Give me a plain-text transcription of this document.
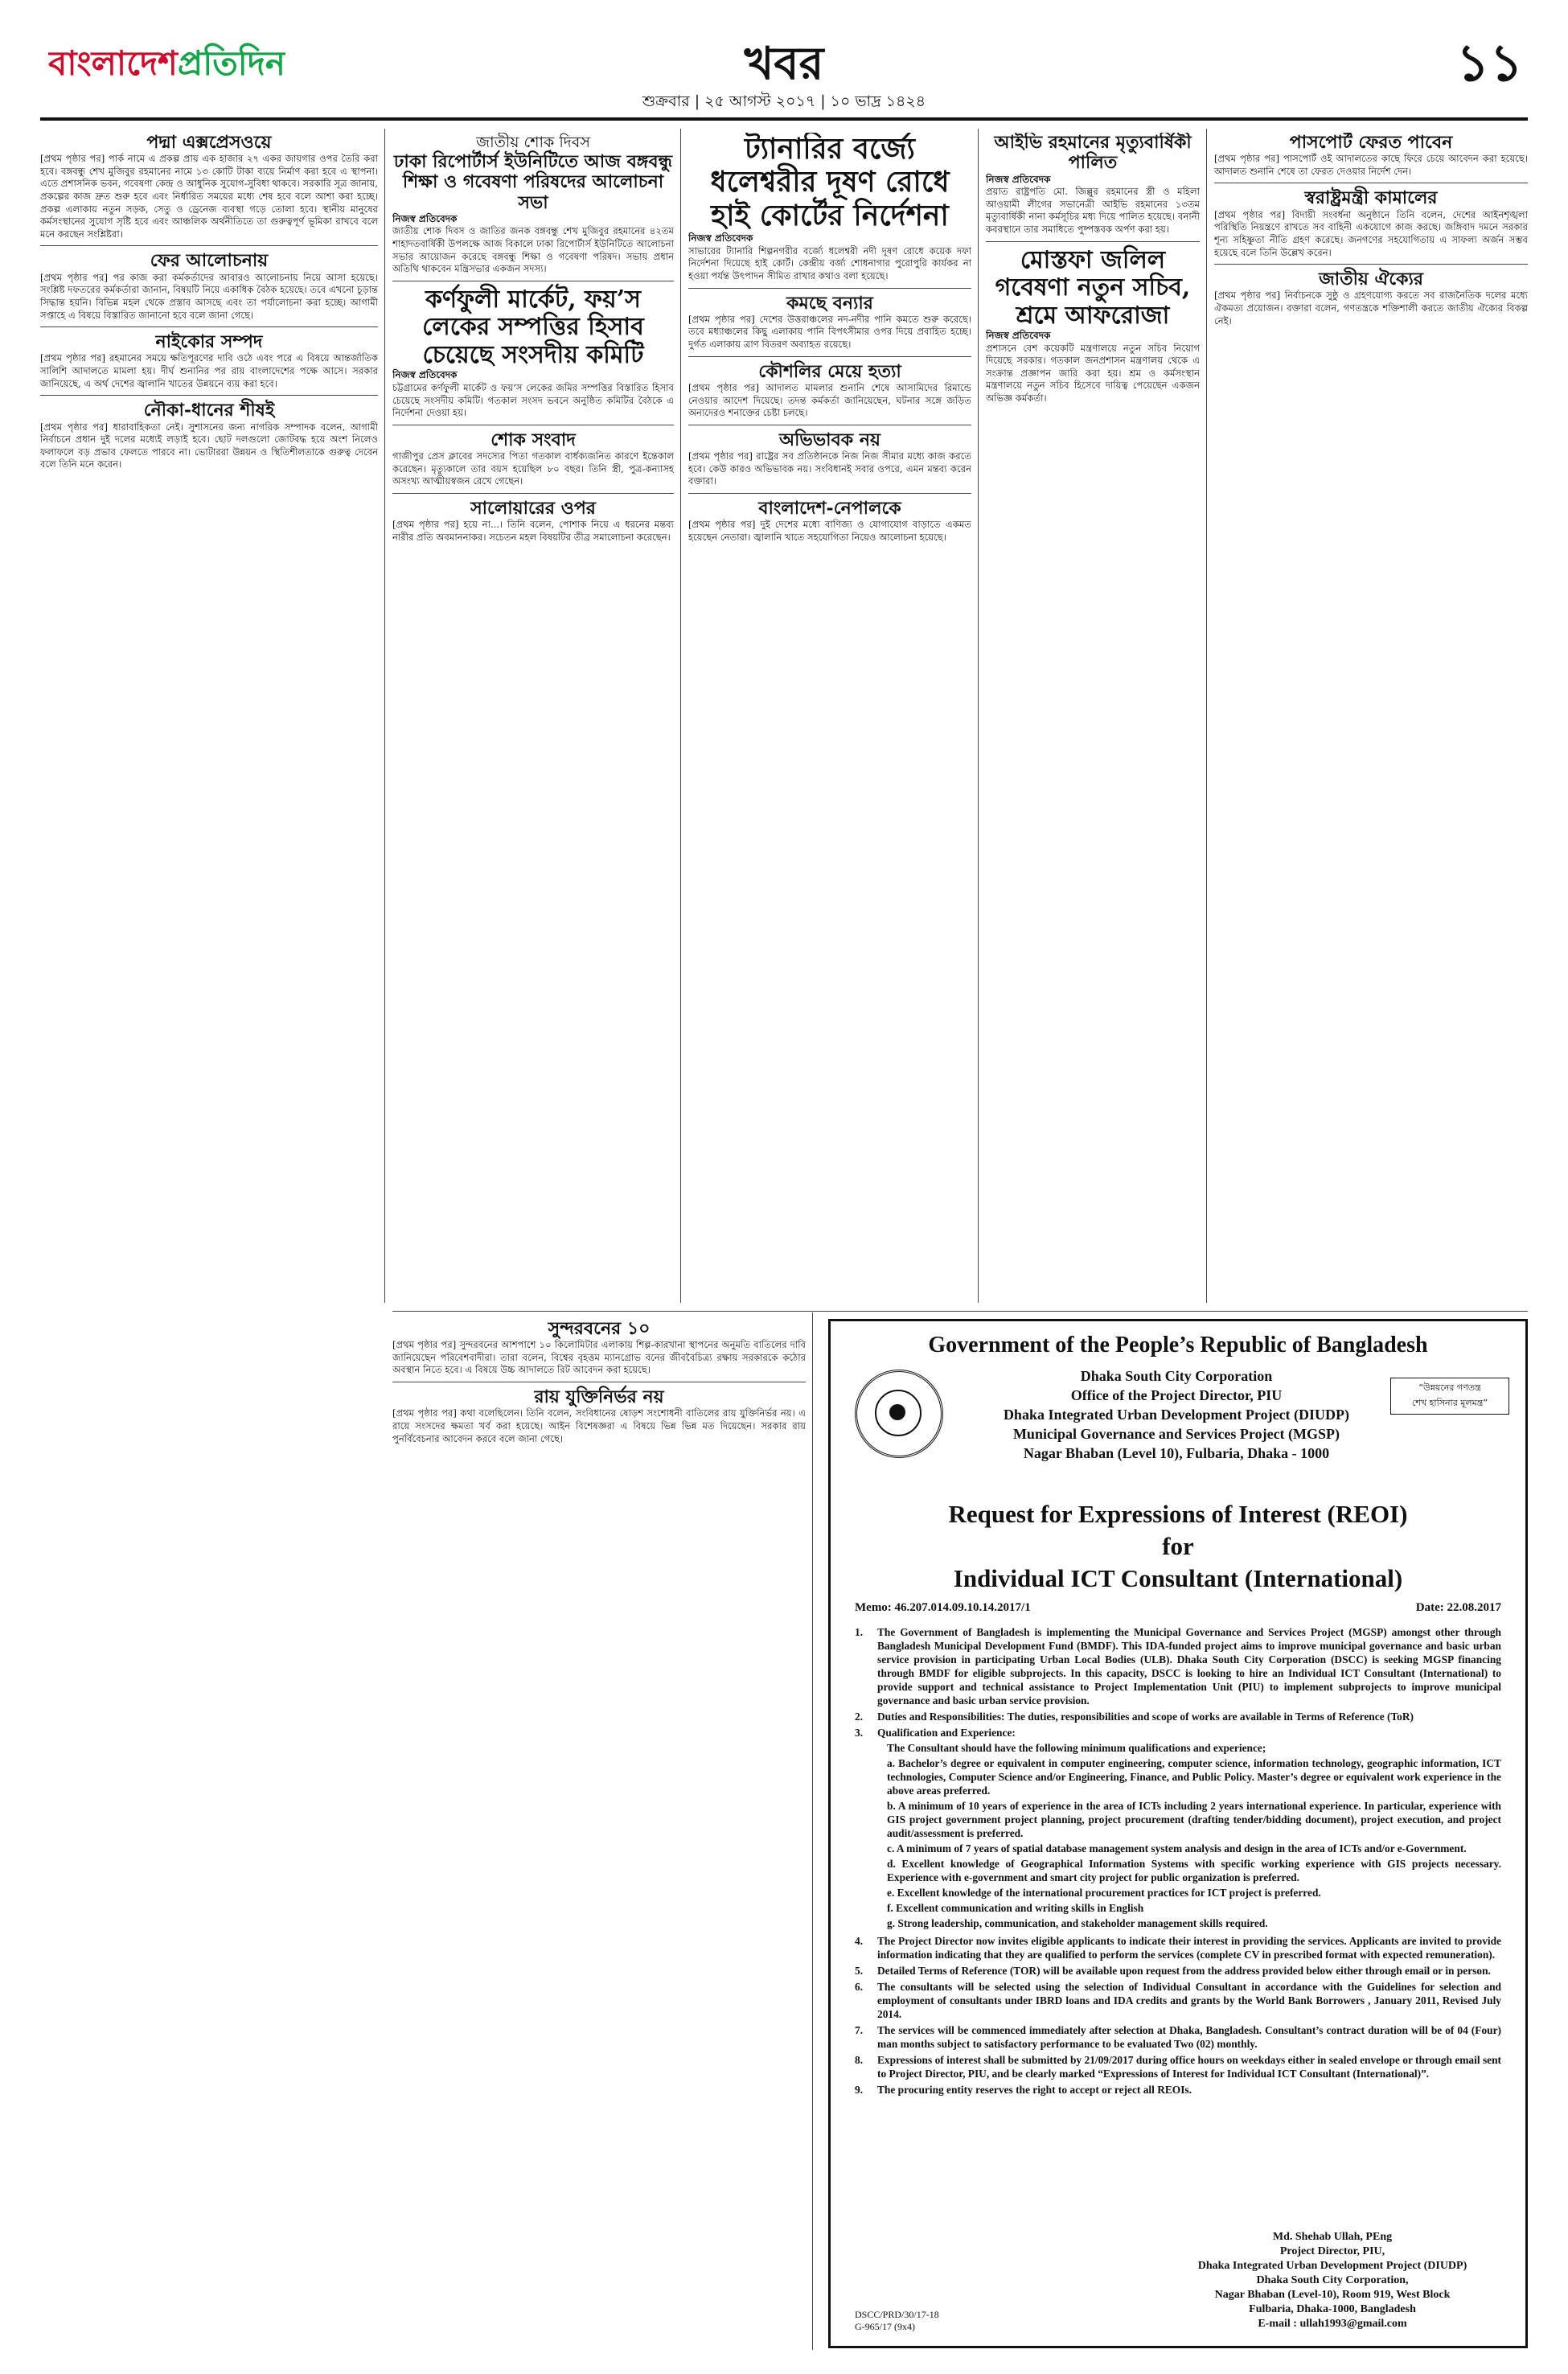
বাংলাদেশপ্রতিদিন	খবর	১১
শুক্রবার | ২৫ আগস্ট ২০১৭ | ১০ ভাদ্র ১৪২৪
পদ্মা এক্সপ্রেসওয়ে

[প্রথম পৃষ্ঠার পর] পার্ক নামে এ প্রকল্প প্রায় এক হাজার ২৭ একর জায়গার ওপর তৈরি করা হবে। বঙ্গবন্ধু শেখ মুজিবুর রহমানের নামে ১৩ কোটি টাকা ব্যয়ে নির্মাণ করা হবে এ স্থাপনা। এতে প্রশাসনিক ভবন, গবেষণা কেন্দ্র ও আধুনিক সুযোগ-সুবিধা থাকবে। সরকারি সূত্র জানায়, প্রকল্পের কাজ দ্রুত শুরু হবে এবং নির্ধারিত সময়ের মধ্যে শেষ হবে বলে আশা করা হচ্ছে। প্রকল্প এলাকায় নতুন সড়ক, সেতু ও ড্রেনেজ ব্যবস্থা গড়ে তোলা হবে। স্থানীয় মানুষের কর্মসংস্থানের সুযোগ সৃষ্টি হবে এবং আঞ্চলিক অর্থনীতিতে তা গুরুত্বপূর্ণ ভূমিকা রাখবে বলে মনে করছেন সংশ্লিষ্টরা।

ফের আলোচনায়

[প্রথম পৃষ্ঠার পর] পর কাজ করা কর্মকর্তাদের আবারও আলোচনায় নিয়ে আসা হয়েছে। সংশ্লিষ্ট দফতরের কর্মকর্তারা জানান, বিষয়টি নিয়ে একাধিক বৈঠক হয়েছে। তবে এখনো চূড়ান্ত সিদ্ধান্ত হয়নি। বিভিন্ন মহল থেকে প্রস্তাব আসছে এবং তা পর্যালোচনা করা হচ্ছে। আগামী সপ্তাহে এ বিষয়ে বিস্তারিত জানানো হবে বলে জানা গেছে।

নাইকোর সম্পদ

[প্রথম পৃষ্ঠার পর] রহমানের সময়ে ক্ষতিপূরণের দাবি ওঠে এবং পরে এ বিষয়ে আন্তর্জাতিক সালিশি আদালতে মামলা হয়। দীর্ঘ শুনানির পর রায় বাংলাদেশের পক্ষে আসে। সরকার জানিয়েছে, এ অর্থ দেশের জ্বালানি খাতের উন্নয়নে ব্যয় করা হবে।

নৌকা-ধানের শীষই

[প্রথম পৃষ্ঠার পর] ধারাবাহিকতা নেই। সুশাসনের জন্য নাগরিক সম্পাদক বলেন, আগামী নির্বাচনে প্রধান দুই দলের মধ্যেই লড়াই হবে। ছোট দলগুলো জোটবদ্ধ হয়ে অংশ নিলেও ফলাফলে বড় প্রভাব ফেলতে পারবে না। ভোটাররা উন্নয়ন ও স্থিতিশীলতাকে গুরুত্ব দেবেন বলে তিনি মনে করেন।

জাতীয় শোক দিবস
ঢাকা রিপোর্টার্স ইউনিটিতে আজ বঙ্গবন্ধু শিক্ষা ও গবেষণা পরিষদের আলোচনা সভা
নিজস্ব প্রতিবেদক

জাতীয় শোক দিবস ও জাতির জনক বঙ্গবন্ধু শেখ মুজিবুর রহমানের ৪২তম শাহাদতবার্ষিকী উপলক্ষে আজ বিকালে ঢাকা রিপোর্টার্স ইউনিটিতে আলোচনা সভার আয়োজন করেছে বঙ্গবন্ধু শিক্ষা ও গবেষণা পরিষদ। সভায় প্রধান অতিথি থাকবেন মন্ত্রিসভার একজন সদস্য।

কর্ণফুলী মার্কেট, ফয়’স লেকের সম্পত্তির হিসাব চেয়েছে সংসদীয় কমিটি
নিজস্ব প্রতিবেদক

চট্টগ্রামের কর্ণফুলী মার্কেট ও ফয়’স লেকের জমির সম্পত্তির বিস্তারিত হিসাব চেয়েছে সংসদীয় কমিটি। গতকাল সংসদ ভবনে অনুষ্ঠিত কমিটির বৈঠকে এ নির্দেশনা দেওয়া হয়।

শোক সংবাদ

গাজীপুর প্রেস ক্লাবের সদস্যের পিতা গতকাল বার্ধক্যজনিত কারণে ইন্তেকাল করেছেন। মৃত্যুকালে তার বয়স হয়েছিল ৮০ বছর। তিনি স্ত্রী, পুত্র-কন্যাসহ অসংখ্য আত্মীয়স্বজন রেখে গেছেন।

সালোয়ারের ওপর

[প্রথম পৃষ্ঠার পর] হয়ে না...। তিনি বলেন, পোশাক নিয়ে এ ধরনের মন্তব্য নারীর প্রতি অবমাননাকর। সচেতন মহল বিষয়টির তীব্র সমালোচনা করেছেন।

ট্যানারির বর্জ্যে ধলেশ্বরীর দূষণ রোধে হাই কোর্টের নির্দেশনা
নিজস্ব প্রতিবেদক

সাভারের ট্যানারি শিল্পনগরীর বর্জ্যে ধলেশ্বরী নদী দূষণ রোধে কয়েক দফা নির্দেশনা দিয়েছে হাই কোর্ট। কেন্দ্রীয় বর্জ্য শোধনাগার পুরোপুরি কার্যকর না হওয়া পর্যন্ত উৎপাদন সীমিত রাখার কথাও বলা হয়েছে।

কমছে বন্যার

[প্রথম পৃষ্ঠার পর] দেশের উত্তরাঞ্চলের নদ-নদীর পানি কমতে শুরু করেছে। তবে মধ্যাঞ্চলের কিছু এলাকায় পানি বিপৎসীমার ওপর দিয়ে প্রবাহিত হচ্ছে। দুর্গত এলাকায় ত্রাণ বিতরণ অব্যাহত রয়েছে।

কৌশলির মেয়ে হত্যা

[প্রথম পৃষ্ঠার পর] আদালত মামলার শুনানি শেষে আসামিদের রিমান্ডে নেওয়ার আদেশ দিয়েছে। তদন্ত কর্মকর্তা জানিয়েছেন, ঘটনার সঙ্গে জড়িত অন্যদেরও শনাক্তের চেষ্টা চলছে।

অভিভাবক নয়

[প্রথম পৃষ্ঠার পর] রাষ্ট্রের সব প্রতিষ্ঠানকে নিজ নিজ সীমার মধ্যে কাজ করতে হবে। কেউ কারও অভিভাবক নয়। সংবিধানই সবার ওপরে, এমন মন্তব্য করেন বক্তারা।

বাংলাদেশ-নেপালকে

[প্রথম পৃষ্ঠার পর] দুই দেশের মধ্যে বাণিজ্য ও যোগাযোগ বাড়াতে একমত হয়েছেন নেতারা। জ্বালানি খাতে সহযোগিতা নিয়েও আলোচনা হয়েছে।

আইভি রহমানের মৃত্যুবার্ষিকী পালিত
নিজস্ব প্রতিবেদক

প্রয়াত রাষ্ট্রপতি মো. জিল্লুর রহমানের স্ত্রী ও মহিলা আওয়ামী লীগের সভানেত্রী আইভি রহমানের ১৩তম মৃত্যুবার্ষিকী নানা কর্মসূচির মধ্য দিয়ে পালিত হয়েছে। বনানী কবরস্থানে তার সমাধিতে পুষ্পস্তবক অর্পণ করা হয়।

মোস্তফা জলিল গবেষণা নতুন সচিব, শ্রমে আফরোজা
নিজস্ব প্রতিবেদক

প্রশাসনে বেশ কয়েকটি মন্ত্রণালয়ে নতুন সচিব নিয়োগ দিয়েছে সরকার। গতকাল জনপ্রশাসন মন্ত্রণালয় থেকে এ সংক্রান্ত প্রজ্ঞাপন জারি করা হয়। শ্রম ও কর্মসংস্থান মন্ত্রণালয়ে নতুন সচিব হিসেবে দায়িত্ব পেয়েছেন একজন অভিজ্ঞ কর্মকর্তা।

পাসপোর্ট ফেরত পাবেন

[প্রথম পৃষ্ঠার পর] পাসপোর্ট ওই আদালতের কাছে ফিরে চেয়ে আবেদন করা হয়েছে। আদালত শুনানি শেষে তা ফেরত দেওয়ার নির্দেশ দেন।

স্বরাষ্ট্রমন্ত্রী কামালের

[প্রথম পৃষ্ঠার পর] বিদায়ী সংবর্ধনা অনুষ্ঠানে তিনি বলেন, দেশের আইনশৃঙ্খলা পরিস্থিতি নিয়ন্ত্রণে রাখতে সব বাহিনী একযোগে কাজ করছে। জঙ্গিবাদ দমনে সরকার শূন্য সহিষ্ণুতা নীতি গ্রহণ করেছে। জনগণের সহযোগিতায় এ সাফল্য অর্জন সম্ভব হয়েছে বলে তিনি উল্লেখ করেন।

জাতীয় ঐক্যের

[প্রথম পৃষ্ঠার পর] নির্বাচনকে সুষ্ঠু ও গ্রহণযোগ্য করতে সব রাজনৈতিক দলের মধ্যে ঐকমত্য প্রয়োজন। বক্তারা বলেন, গণতন্ত্রকে শক্তিশালী করতে জাতীয় ঐক্যের বিকল্প নেই।

সুন্দরবনের ১০

[প্রথম পৃষ্ঠার পর] সুন্দরবনের আশপাশে ১০ কিলোমিটার এলাকায় শিল্প-কারখানা স্থাপনের অনুমতি বাতিলের দাবি জানিয়েছেন পরিবেশবাদীরা। তারা বলেন, বিশ্বের বৃহত্তম ম্যানগ্রোভ বনের জীববৈচিত্র্য রক্ষায় সরকারকে কঠোর অবস্থান নিতে হবে। এ বিষয়ে উচ্চ আদালতে রিট আবেদন করা হয়েছে।

রায় যুক্তিনির্ভর নয়

[প্রথম পৃষ্ঠার পর] কথা বলেছিলেন। তিনি বলেন, সংবিধানের ষোড়শ সংশোধনী বাতিলের রায় যুক্তিনির্ভর নয়। এ রায়ে সংসদের ক্ষমতা খর্ব করা হয়েছে। আইন বিশেষজ্ঞরা এ বিষয়ে ভিন্ন ভিন্ন মত দিয়েছেন। সরকার রায় পুনর্বিবেচনার আবেদন করবে বলে জানা গেছে।

Government of the People’s Republic of Bangladesh
Dhaka South City Corporation
Office of the Project Director, PIU
Dhaka Integrated Urban Development Project (DIUDP)
Municipal Governance and Services Project (MGSP)
Nagar Bhaban (Level 10), Fulbaria, Dhaka - 1000
“উন্নয়নের গণতন্ত্র
শেখ হাসিনার মূলমন্ত্র”
Request for Expressions of Interest (REOI)
for
Individual ICT Consultant (International)
Memo: 46.207.014.09.10.14.2017/1	Date: 22.08.2017
1.	The Government of Bangladesh is implementing the Municipal Governance and Services Project (MGSP) amongst other through Bangladesh Municipal Development Fund (BMDF). This IDA-funded project aims to improve municipal governance and basic urban service provision in participating Urban Local Bodies (ULB). Dhaka South City Corporation (DSCC) is seeking MGSP financing through BMDF for eligible subprojects. In this capacity, DSCC is looking to hire an Individual ICT Consultant (International) to provide support and technical assistance to Project Implementation Unit (PIU) to implement subprojects to improve municipal governance and basic urban service provision.
2.	Duties and Responsibilities: The duties, responsibilities and scope of works are available in Terms of Reference (ToR)
3.	Qualification and Experience:
The Consultant should have the following minimum qualifications and experience;
a. Bachelor’s degree or equivalent in computer engineering, computer science, information technology, geographic information, ICT technologies, Computer Science and/or Engineering, Finance, and Public Policy. Master’s degree or equivalent work experience in the above areas preferred.
b. A minimum of 10 years of experience in the area of ICTs including 2 years international experience. In particular, experience with GIS project government project planning, project procurement (drafting tender/bidding document), project execution, and project audit/assessment is preferred.
c. A minimum of 7 years of spatial database management system analysis and design in the area of ICTs and/or e-Government.
d. Excellent knowledge of Geographical Information Systems with specific working experience with GIS projects necessary. Experience with e-government and smart city project for public organization is preferred.
e. Excellent knowledge of the international procurement practices for ICT project is preferred.
f. Excellent communication and writing skills in English
g. Strong leadership, communication, and stakeholder management skills required.
4.	The Project Director now invites eligible applicants to indicate their interest in providing the services. Applicants are invited to provide information indicating that they are qualified to perform the services (complete CV in prescribed format with expected remuneration).
5.	Detailed Terms of Reference (TOR) will be available upon request from the address provided below either through email or in person.
6.	The consultants will be selected using the selection of Individual Consultant in accordance with the Guidelines for selection and employment of consultants under IBRD loans and IDA credits and grants by the World Bank Borrowers , January 2011, Revised July 2014.
7.	The services will be commenced immediately after selection at Dhaka, Bangladesh. Consultant’s contract duration will be of 04 (Four) man months subject to satisfactory performance to be evaluated Two (02) monthly.
8.	Expressions of interest shall be submitted by 21/09/2017 during office hours on weekdays either in sealed envelope or through email sent to Project Director, PIU, and be clearly marked “Expressions of Interest for Individual ICT Consultant (International)”.
9.	The procuring entity reserves the right to accept or reject all REOIs.
Md. Shehab Ullah, PEng
Project Director, PIU,
Dhaka Integrated Urban Development Project (DIUDP)
Dhaka South City Corporation,
Nagar Bhaban (Level-10), Room 919, West Block
Fulbaria, Dhaka-1000, Bangladesh
E-mail : ullah1993@gmail.com
DSCC/PRD/30/17-18
G-965/17 (9x4)
